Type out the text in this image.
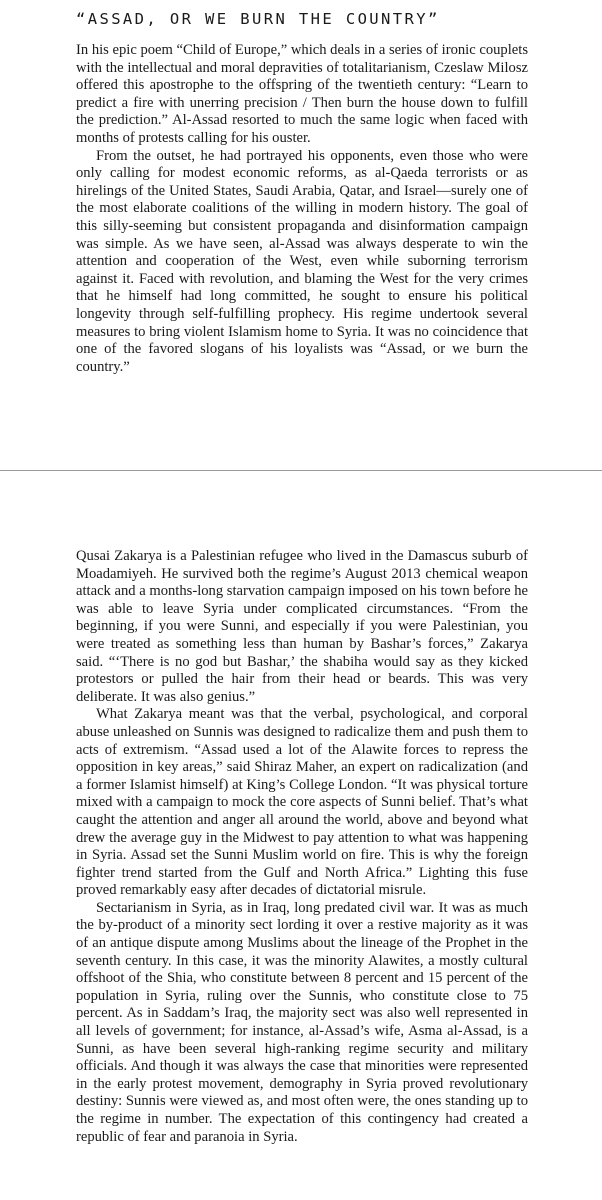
“ASSAD, OR WE BURN THE COUNTRY”

In his epic poem “Child of Europe,” which deals in a series of ironic couplets with the intellectual and moral depravities of totalitarianism, Czeslaw Milosz offered this apostrophe to the offspring of the twentieth century: “Learn to predict a fire with unerring precision / Then burn the house down to fulfill the prediction.” Al-Assad resorted to much the same logic when faced with months of protests calling for his ouster.

From the outset, he had portrayed his opponents, even those who were only calling for modest economic reforms, as al-Qaeda terrorists or as hirelings of the United States, Saudi Arabia, Qatar, and Israel—surely one of the most elaborate coalitions of the willing in modern history. The goal of this silly-seeming but consistent propaganda and disinformation campaign was simple. As we have seen, al-Assad was always desperate to win the attention and cooperation of the West, even while suborning terrorism against it. Faced with revolution, and blaming the West for the very crimes that he himself had long committed, he sought to ensure his political longevity through self-fulfilling prophecy. His regime undertook several measures to bring violent Islamism home to Syria. It was no coincidence that one of the favored slogans of his loyalists was “Assad, or we burn the country.”

Qusai Zakarya is a Palestinian refugee who lived in the Damascus suburb of Moadamiyeh. He survived both the regime’s August 2013 chemical weapon attack and a months-long starvation campaign imposed on his town before he was able to leave Syria under complicated circumstances. “From the beginning, if you were Sunni, and especially if you were Palestinian, you were treated as something less than human by Bashar’s forces,” Zakarya said. “‘There is no god but Bashar,’ the shabiha would say as they kicked protestors or pulled the hair from their head or beards. This was very deliberate. It was also genius.”

What Zakarya meant was that the verbal, psychological, and corporal abuse unleashed on Sunnis was designed to radicalize them and push them to acts of extremism. “Assad used a lot of the Alawite forces to repress the opposition in key areas,” said Shiraz Maher, an expert on radicalization (and a former Islamist himself) at King’s College London. “It was physical torture mixed with a campaign to mock the core aspects of Sunni belief. That’s what caught the attention and anger all around the world, above and beyond what drew the average guy in the Midwest to pay attention to what was happening in Syria. Assad set the Sunni Muslim world on fire. This is why the foreign fighter trend started from the Gulf and North Africa.” Lighting this fuse proved remarkably easy after decades of dictatorial misrule.

Sectarianism in Syria, as in Iraq, long predated civil war. It was as much the by-product of a minority sect lording it over a restive majority as it was of an antique dispute among Muslims about the lineage of the Prophet in the seventh century. In this case, it was the minority Alawites, a mostly cultural offshoot of the Shia, who constitute between 8 percent and 15 percent of the population in Syria, ruling over the Sunnis, who constitute close to 75 percent. As in Saddam’s Iraq, the majority sect was also well represented in all levels of government; for instance, al-Assad’s wife, Asma al-Assad, is a Sunni, as have been several high-ranking regime security and military officials. And though it was always the case that minorities were represented in the early protest movement, demography in Syria proved revolutionary destiny: Sunnis were viewed as, and most often were, the ones standing up to the regime in number. The expectation of this contingency had created a republic of fear and paranoia in Syria.
